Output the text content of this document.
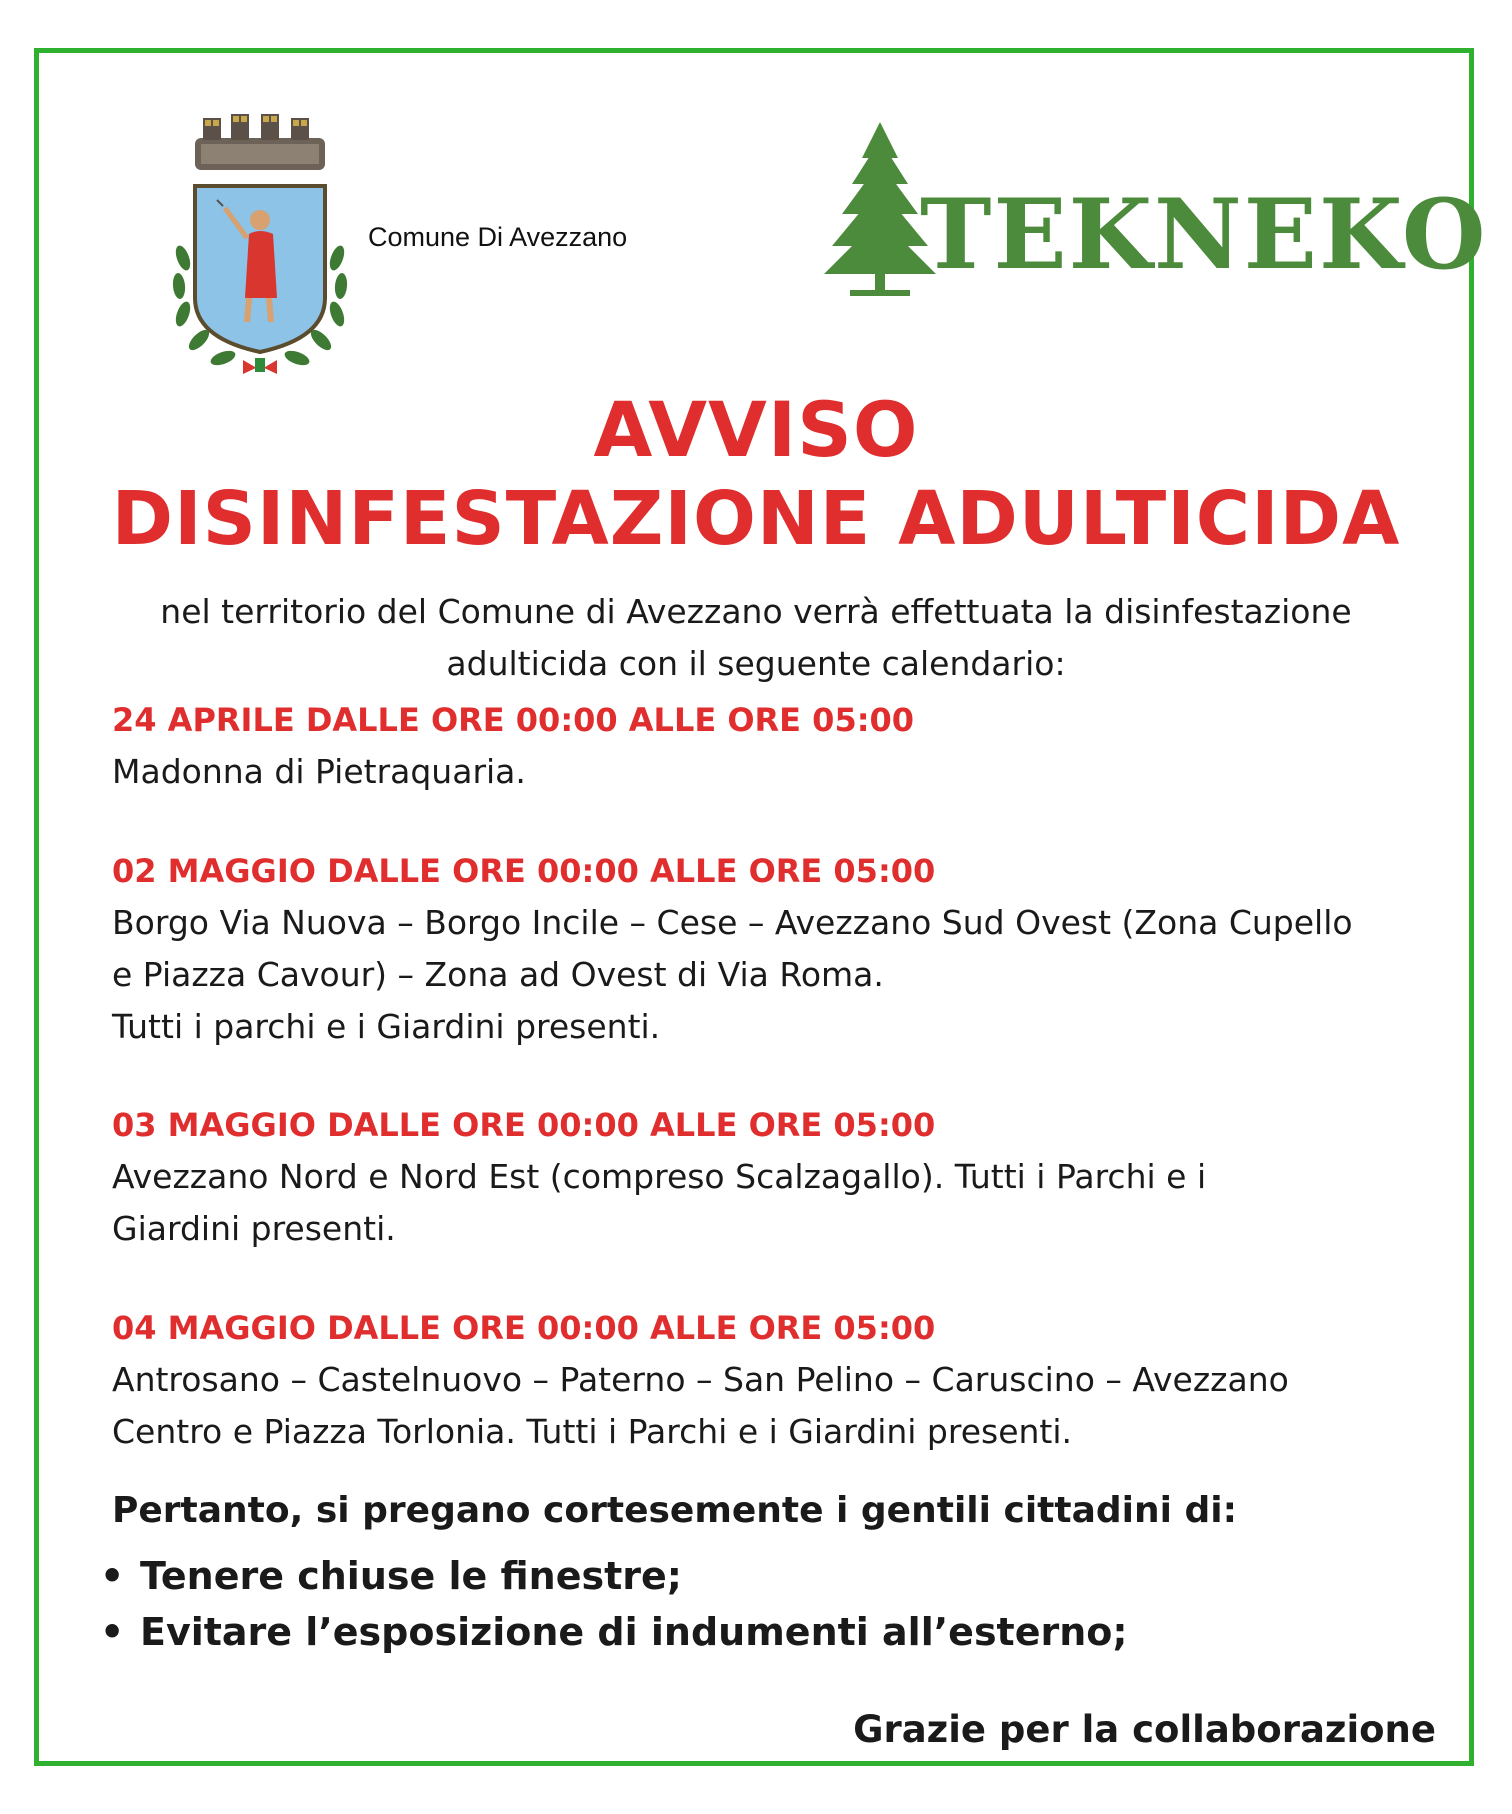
Comune Di Avezzano	TEKNEKO
AVVISO
DISINFESTAZIONE ADULTICIDA
nel territorio del Comune di Avezzano verrà effettuata la disinfestazione
adulticida con il seguente calendario:
24 APRILE DALLE ORE 00:00 ALLE ORE 05:00
Madonna di Pietraquaria.
02 MAGGIO DALLE ORE 00:00 ALLE ORE 05:00
Borgo Via Nuova – Borgo Incile – Cese – Avezzano Sud Ovest (Zona Cupello
e Piazza Cavour) – Zona ad Ovest di Via Roma.
Tutti i parchi e i Giardini presenti.
03 MAGGIO DALLE ORE 00:00 ALLE ORE 05:00
Avezzano Nord e Nord Est (compreso Scalzagallo). Tutti i Parchi e i
Giardini presenti.
04 MAGGIO DALLE ORE 00:00 ALLE ORE 05:00
Antrosano – Castelnuovo – Paterno – San Pelino – Caruscino – Avezzano
Centro e Piazza Torlonia. Tutti i Parchi e i Giardini presenti.
Pertanto, si pregano cortesemente i gentili cittadini di:
• Tenere chiuse le finestre;
• Evitare l’esposizione di indumenti all’esterno;
Grazie per la collaborazione
